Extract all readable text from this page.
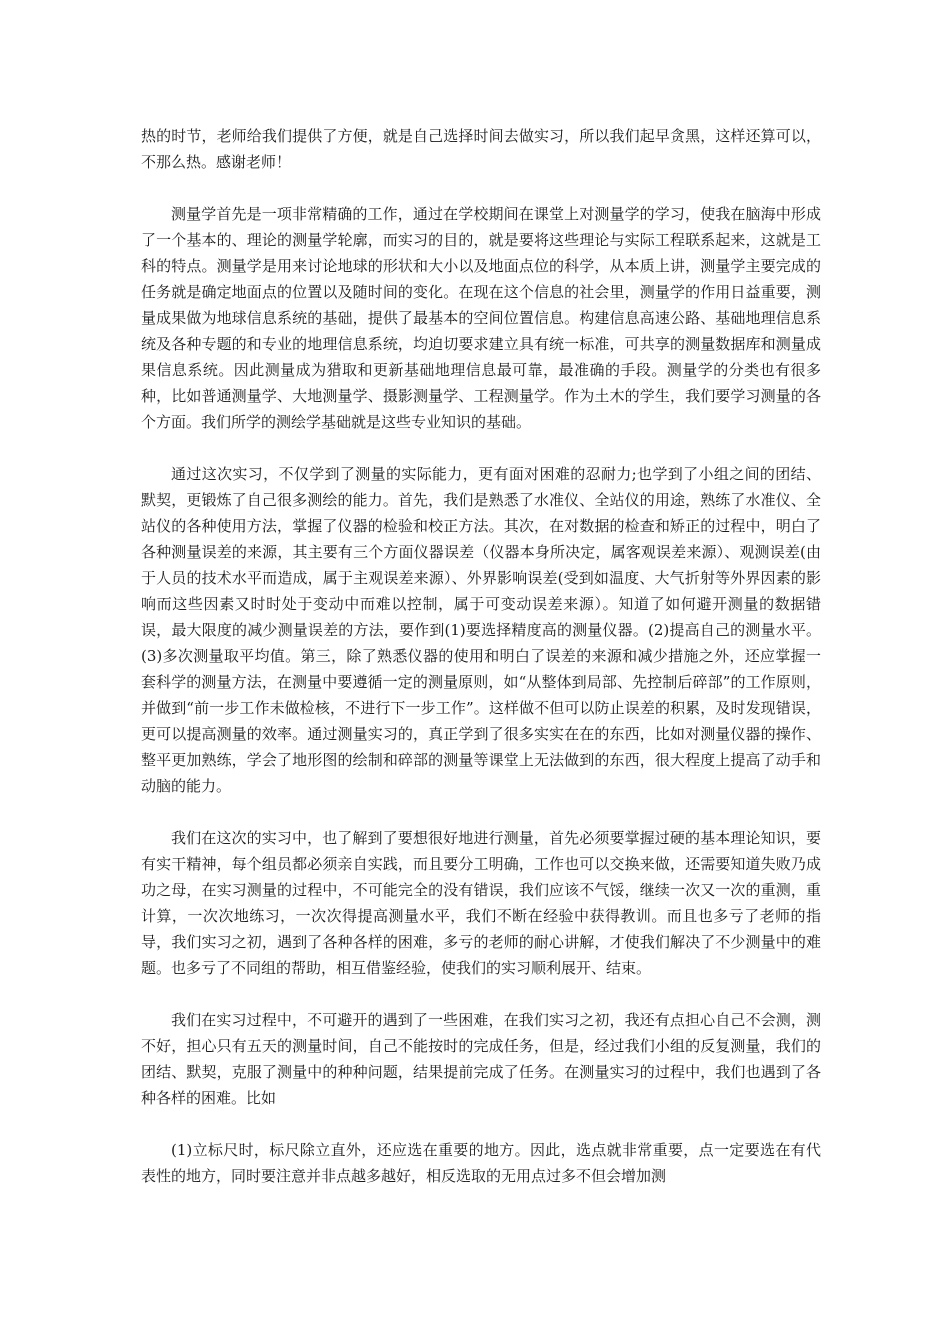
热的时节，老师给我们提供了方便，就是自己选择时间去做实习，所以我们起早贪黑，这样还算可以，不那么热。感谢老师！

测量学首先是一项非常精确的工作，通过在学校期间在课堂上对测量学的学习，使我在脑海中形成了一个基本的、理论的测量学轮廓，而实习的目的，就是要将这些理论与实际工程联系起来，这就是工科的特点。测量学是用来讨论地球的形状和大小以及地面点位的科学，从本质上讲，测量学主要完成的任务就是确定地面点的位置以及随时间的变化。在现在这个信息的社会里，测量学的作用日益重要，测量成果做为地球信息系统的基础，提供了最基本的空间位置信息。构建信息高速公路、基础地理信息系统及各种专题的和专业的地理信息系统，均迫切要求建立具有统一标准，可共享的测量数据库和测量成果信息系统。因此测量成为猎取和更新基础地理信息最可靠，最准确的手段。测量学的分类也有很多种，比如普通测量学、大地测量学、摄影测量学、工程测量学。作为土木的学生，我们要学习测量的各个方面。我们所学的测绘学基础就是这些专业知识的基础。

通过这次实习，不仅学到了测量的实际能力，更有面对困难的忍耐力;也学到了小组之间的团结、默契，更锻炼了自己很多测绘的能力。首先，我们是熟悉了水准仪、全站仪的用途，熟练了水准仪、全站仪的各种使用方法，掌握了仪器的检验和校正方法。其次，在对数据的检查和矫正的过程中，明白了各种测量误差的来源，其主要有三个方面仪器误差（仪器本身所决定，属客观误差来源）、观测误差(由于人员的技术水平而造成，属于主观误差来源）、外界影响误差(受到如温度、大气折射等外界因素的影响而这些因素又时时处于变动中而难以控制，属于可变动误差来源）。知道了如何避开测量的数据错误，最大限度的减少测量误差的方法，要作到(1)要选择精度高的测量仪器。(2)提高自己的测量水平。(3)多次测量取平均值。第三，除了熟悉仪器的使用和明白了误差的来源和减少措施之外，还应掌握一套科学的测量方法，在测量中要遵循一定的测量原则，如“从整体到局部、先控制后碎部”的工作原则，并做到“前一步工作未做检核，不进行下一步工作”。这样做不但可以防止误差的积累，及时发现错误，更可以提高测量的效率。通过测量实习的，真正学到了很多实实在在的东西，比如对测量仪器的操作、整平更加熟练，学会了地形图的绘制和碎部的测量等课堂上无法做到的东西，很大程度上提高了动手和动脑的能力。

我们在这次的实习中，也了解到了要想很好地进行测量，首先必须要掌握过硬的基本理论知识，要有实干精神，每个组员都必须亲自实践，而且要分工明确，工作也可以交换来做，还需要知道失败乃成功之母，在实习测量的过程中，不可能完全的没有错误，我们应该不气馁，继续一次又一次的重测，重计算，一次次地练习，一次次得提高测量水平，我们不断在经验中获得教训。而且也多亏了老师的指导，我们实习之初，遇到了各种各样的困难，多亏的老师的耐心讲解，才使我们解决了不少测量中的难题。也多亏了不同组的帮助，相互借鉴经验，使我们的实习顺利展开、结束。

我们在实习过程中，不可避开的遇到了一些困难，在我们实习之初，我还有点担心自己不会测，测不好，担心只有五天的测量时间，自己不能按时的完成任务，但是，经过我们小组的反复测量，我们的团结、默契，克服了测量中的种种问题，结果提前完成了任务。在测量实习的过程中，我们也遇到了各种各样的困难。比如

(1)立标尺时，标尺除立直外，还应选在重要的地方。因此，选点就非常重要，点一定要选在有代表性的地方，同时要注意并非点越多越好，相反选取的无用点过多不但会增加测
